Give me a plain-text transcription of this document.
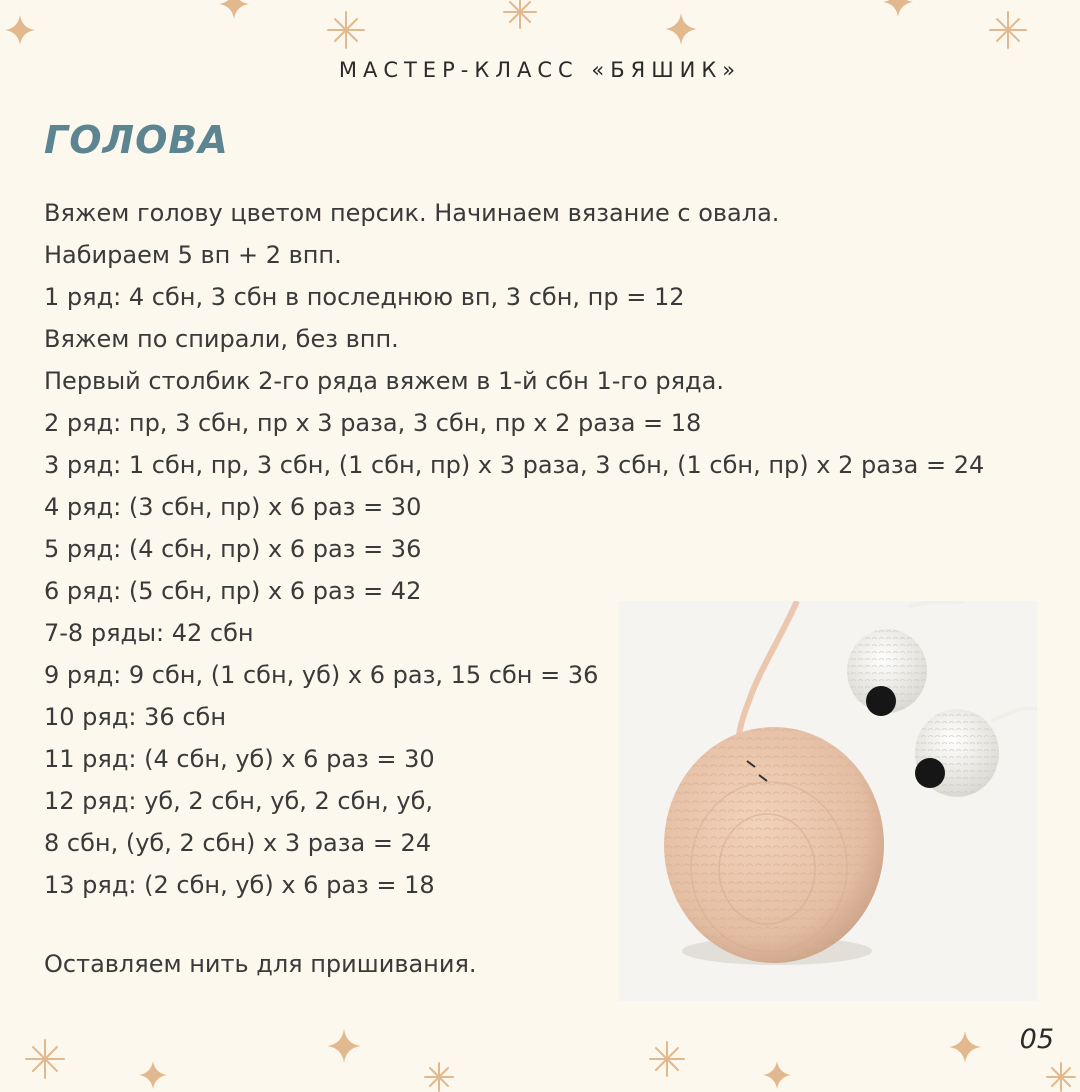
МАСТЕР-КЛАСС «БЯШИК»
ГОЛОВА
Вяжем голову цветом персик. Начинаем вязание с овала.
Набираем 5 вп + 2 впп.
1 ряд: 4 сбн, 3 сбн в последнюю вп, 3 сбн, пр = 12
Вяжем по спирали, без впп.
Первый столбик 2-го ряда вяжем в 1-й сбн 1-го ряда.
2 ряд: пр, 3 сбн, пр х 3 раза, 3 сбн, пр х 2 раза = 18
3 ряд: 1 сбн, пр, 3 сбн, (1 сбн, пр) х 3 раза, 3 сбн, (1 сбн, пр) х 2 раза = 24
4 ряд: (3 сбн, пр) х 6 раз = 30
5 ряд: (4 сбн, пр) х 6 раз = 36
6 ряд: (5 сбн, пр) х 6 раз = 42
7-8 ряды: 42 сбн
9 ряд: 9 сбн, (1 сбн, уб) х 6 раз, 15 сбн = 36
10 ряд: 36 сбн
11 ряд: (4 сбн, уб) х 6 раз = 30
12 ряд: уб, 2 сбн, уб, 2 сбн, уб,
8 сбн, (уб, 2 сбн) х 3 раза = 24
13 ряд: (2 сбн, уб) х 6 раз = 18
Оставляем нить для пришивания.
05
